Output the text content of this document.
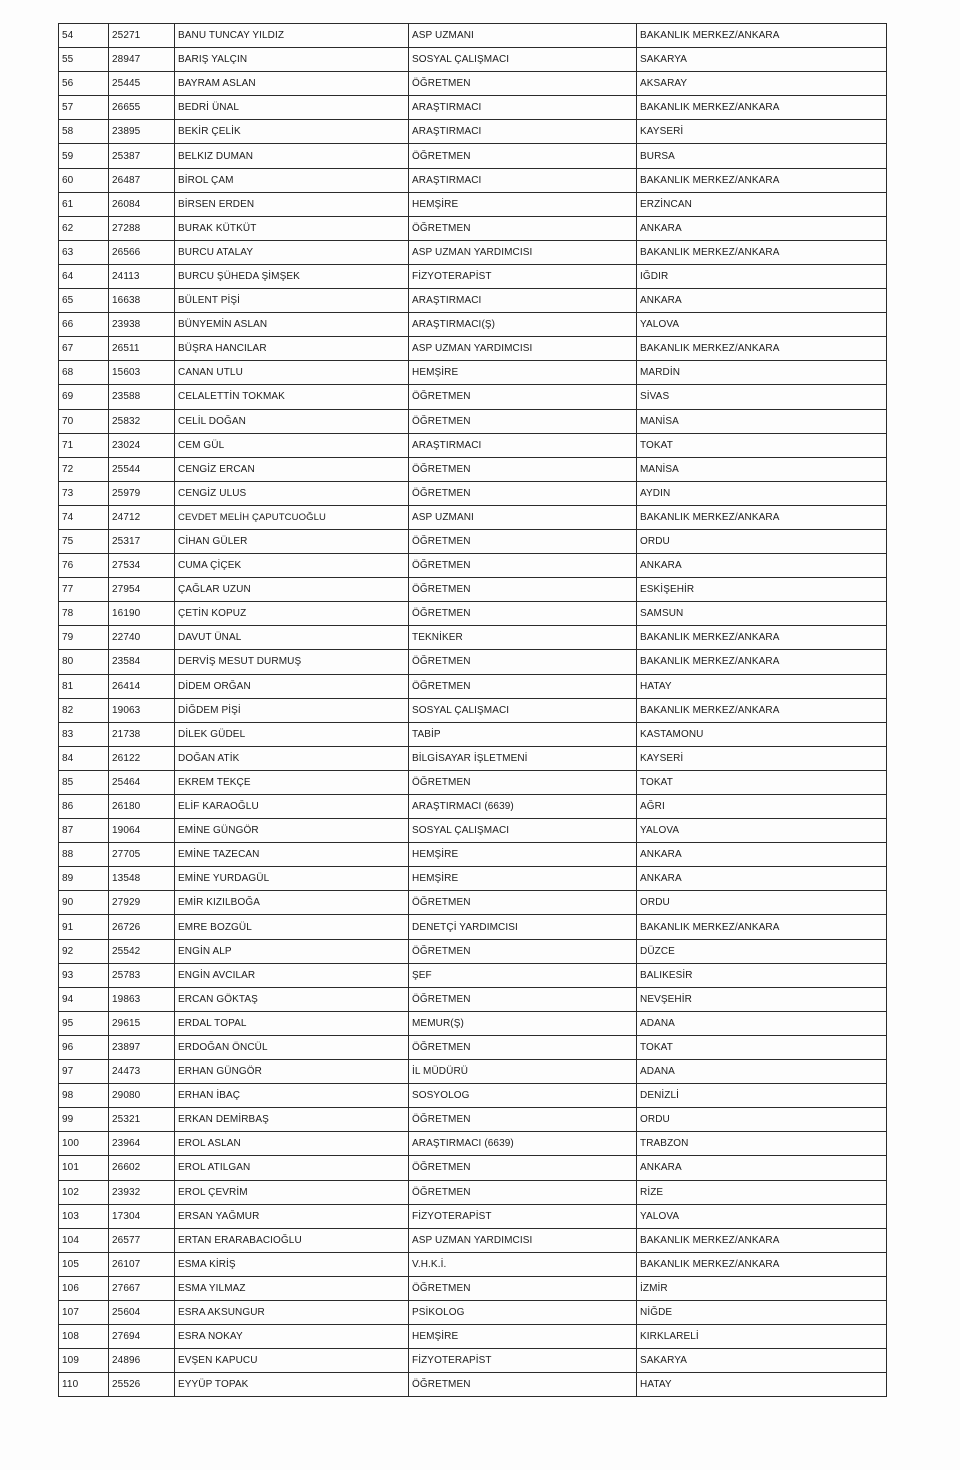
54	25271	BANU TUNCAY YILDIZ	ASP UZMANI	BAKANLIK MERKEZ/ANKARA
55	28947	BARIŞ YALÇIN	SOSYAL ÇALIŞMACI	SAKARYA
56	25445	BAYRAM ASLAN	ÖĞRETMEN	AKSARAY
57	26655	BEDRİ ÜNAL	ARAŞTIRMACI	BAKANLIK MERKEZ/ANKARA
58	23895	BEKİR ÇELİK	ARAŞTIRMACI	KAYSERİ
59	25387	BELKIZ DUMAN	ÖĞRETMEN	BURSA
60	26487	BİROL ÇAM	ARAŞTIRMACI	BAKANLIK MERKEZ/ANKARA
61	26084	BİRSEN ERDEN	HEMŞİRE	ERZİNCAN
62	27288	BURAK KÜTKÜT	ÖĞRETMEN	ANKARA
63	26566	BURCU ATALAY	ASP UZMAN YARDIMCISI	BAKANLIK MERKEZ/ANKARA
64	24113	BURCU ŞÜHEDA ŞİMŞEK	FİZYOTERAPİST	IĞDIR
65	16638	BÜLENT PİŞİ	ARAŞTIRMACI	ANKARA
66	23938	BÜNYEMİN ASLAN	ARAŞTIRMACI(Ş)	YALOVA
67	26511	BÜŞRA HANCILAR	ASP UZMAN YARDIMCISI	BAKANLIK MERKEZ/ANKARA
68	15603	CANAN UTLU	HEMŞİRE	MARDİN
69	23588	CELALETTİN TOKMAK	ÖĞRETMEN	SİVAS
70	25832	CELİL DOĞAN	ÖĞRETMEN	MANİSA
71	23024	CEM GÜL	ARAŞTIRMACI	TOKAT
72	25544	CENGİZ ERCAN	ÖĞRETMEN	MANİSA
73	25979	CENGİZ ULUS	ÖĞRETMEN	AYDIN
74	24712	CEVDET MELİH ÇAPUTCUOĞLU	ASP UZMANI	BAKANLIK MERKEZ/ANKARA
75	25317	CİHAN GÜLER	ÖĞRETMEN	ORDU
76	27534	CUMA ÇİÇEK	ÖĞRETMEN	ANKARA
77	27954	ÇAĞLAR UZUN	ÖĞRETMEN	ESKİŞEHİR
78	16190	ÇETİN KOPUZ	ÖĞRETMEN	SAMSUN
79	22740	DAVUT ÜNAL	TEKNİKER	BAKANLIK MERKEZ/ANKARA
80	23584	DERVİŞ MESUT DURMUŞ	ÖĞRETMEN	BAKANLIK MERKEZ/ANKARA
81	26414	DİDEM ORĞAN	ÖĞRETMEN	HATAY
82	19063	DİĞDEM PİŞİ	SOSYAL ÇALIŞMACI	BAKANLIK MERKEZ/ANKARA
83	21738	DİLEK GÜDEL	TABİP	KASTAMONU
84	26122	DOĞAN ATİK	BİLGİSAYAR İŞLETMENİ	KAYSERİ
85	25464	EKREM TEKÇE	ÖĞRETMEN	TOKAT
86	26180	ELİF KARAOĞLU	ARAŞTIRMACI (6639)	AĞRI
87	19064	EMİNE GÜNGÖR	SOSYAL ÇALIŞMACI	YALOVA
88	27705	EMİNE TAZECAN	HEMŞİRE	ANKARA
89	13548	EMİNE YURDAGÜL	HEMŞİRE	ANKARA
90	27929	EMİR KIZILBOĞA	ÖĞRETMEN	ORDU
91	26726	EMRE BOZGÜL	DENETÇİ YARDIMCISI	BAKANLIK MERKEZ/ANKARA
92	25542	ENGİN ALP	ÖĞRETMEN	DÜZCE
93	25783	ENGİN AVCILAR	ŞEF	BALIKESİR
94	19863	ERCAN GÖKTAŞ	ÖĞRETMEN	NEVŞEHİR
95	29615	ERDAL TOPAL	MEMUR(Ş)	ADANA
96	23897	ERDOĞAN ÖNCÜL	ÖĞRETMEN	TOKAT
97	24473	ERHAN GÜNGÖR	İL MÜDÜRÜ	ADANA
98	29080	ERHAN İBAÇ	SOSYOLOG	DENİZLİ
99	25321	ERKAN DEMİRBAŞ	ÖĞRETMEN	ORDU
100	23964	EROL ASLAN	ARAŞTIRMACI (6639)	TRABZON
101	26602	EROL ATILGAN	ÖĞRETMEN	ANKARA
102	23932	EROL ÇEVRİM	ÖĞRETMEN	RİZE
103	17304	ERSAN YAĞMUR	FİZYOTERAPİST	YALOVA
104	26577	ERTAN ERARABACIOĞLU	ASP UZMAN YARDIMCISI	BAKANLIK MERKEZ/ANKARA
105	26107	ESMA KİRİŞ	V.H.K.İ.	BAKANLIK MERKEZ/ANKARA
106	27667	ESMA YILMAZ	ÖĞRETMEN	İZMİR
107	25604	ESRA AKSUNGUR	PSİKOLOG	NİĞDE
108	27694	ESRA NOKAY	HEMŞİRE	KIRKLARELİ
109	24896	EVŞEN KAPUCU	FİZYOTERAPİST	SAKARYA
110	25526	EYYÜP TOPAK	ÖĞRETMEN	HATAY
